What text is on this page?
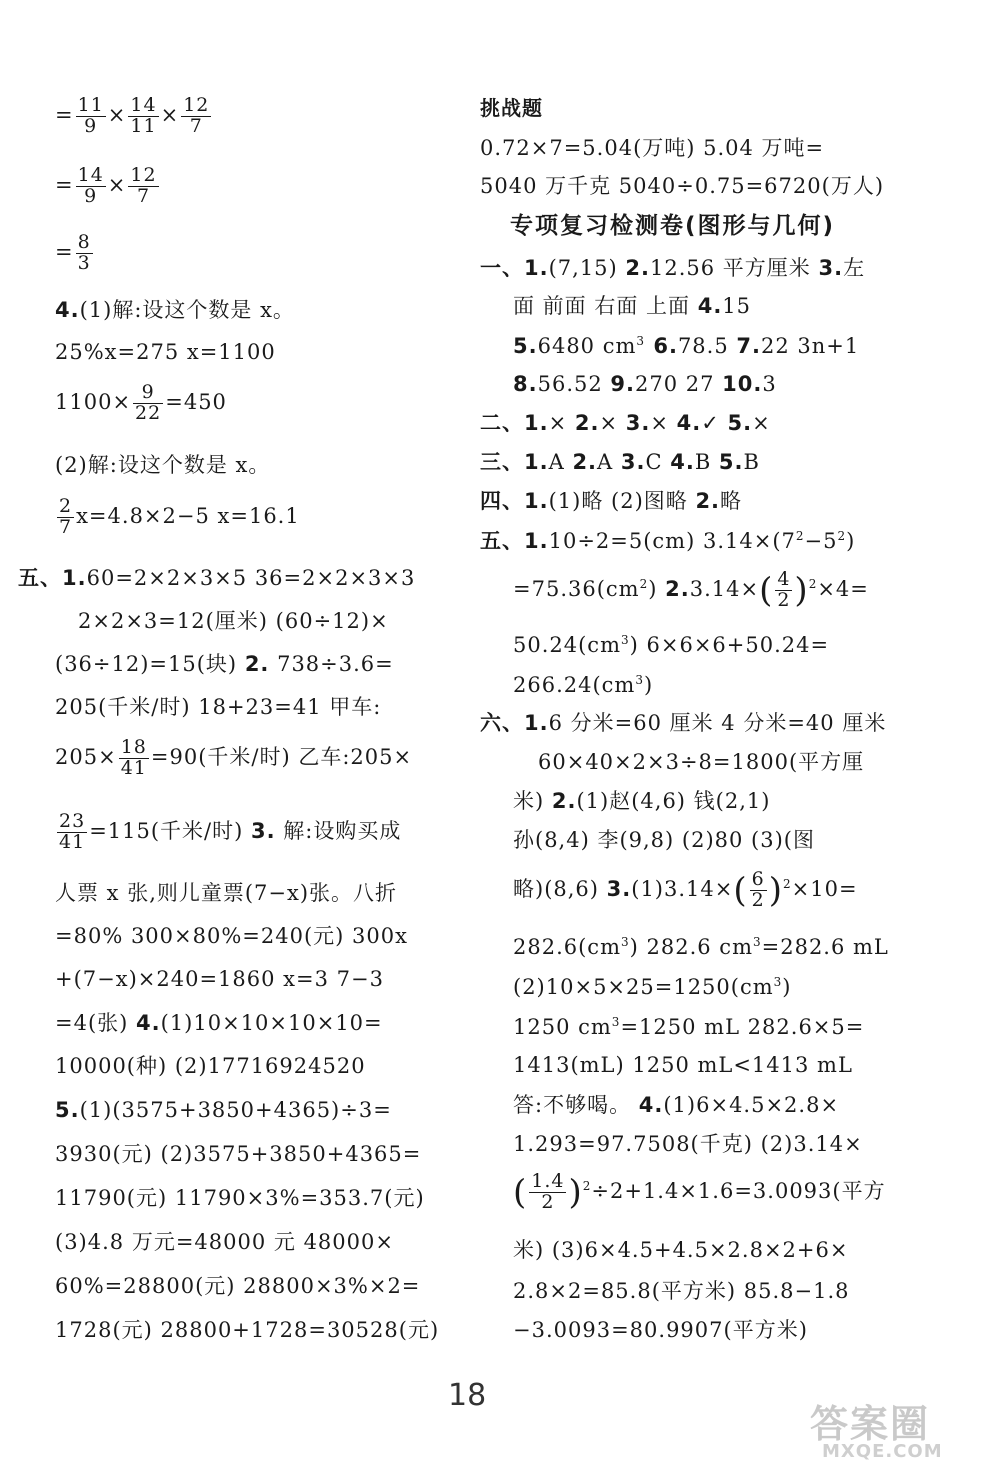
= $\frac{11}{9} \times \frac{14}{11} \times \frac{12}{7}$
= $\frac{14}{9} \times \frac{12}{7}$
= $\frac{8}{3}$
4.(1)解:设这个数是 x。
25%x=275 x=1100
$1100\times \frac{9}{22} =450$
(2)解:设这个数是 x。
$\frac{2}{7} x=4.8\times 2-5$ x=16.1
五、1.60=2×2×3×5 36=2×2×3×3
2×2×3=12(厘米) (60÷12)×
(36÷12)=15(块) 2. 738÷3.6=
205(千米/时) 18+23=41 甲车:
$205\times \frac{18}{41} =90$(千米/时) 乙车:205×
$\frac{23}{41} =115$(千米/时) 3. 解:设购买成
人票 x 张,则儿童票(7−x)张。八折
=80% 300×80%=240(元) 300x
+(7−x)×240=1860 x=3 7−3
=4(张) 4.(1)10×10×10×10=
10000(种) (2)17716924520
5.(1)(3575+3850+4365)÷3=
3930(元) (2)3575+3850+4365=
11790(元) 11790×3%=353.7(元)
(3)4.8 万元=48000 元 48000×
60%=28800(元) 28800×3%×2=
1728(元) 28800+1728=30528(元)
挑战题
0.72×7=5.04(万吨) 5.04 万吨=
5040 万千克 5040÷0.75=6720(万人)
专项复习检测卷(图形与几何)
一、1.(7,15) 2.12.56 平方厘米 3.左
面 前面 右面 上面 4.15
5.6480 $cm^3$ 6.78.5 7.22 3n+1
8.56.52 9.270 27 10.3
二、1.× 2.× 3.× 4.✓ 5.×
三、1.A 2.A 3.C 4.B 5.B
四、1.(1)略 (2)图略 2.略
五、1.10÷2=5(cm) $3.14\times(7^2-5^2)$
$=75.36(cm^2)$ $2.3.14\times( \frac{4}{2} )^2\times 4=$
$50.24(cm^3)$ 6×6×6+50.24=
$266.24(cm^3)$
六、1.6 分米=60 厘米 4 分米=40 厘米
60×40×2×3÷8=1800(平方厘
米) 2.(1)赵(4,6) 钱(2,1)
孙(8,4) 李(9,8) (2)80 (3)(图
略)(8,6) $3.(1)3.14\times( \frac{6}{2} )^2\times 10=$
$282.6(cm^3)$ 282.6 $cm^3=282.6$ mL
$(2)10\times 5\times 25=1250(cm^3)$
1250 $cm^3=1250$ mL 282.6×5=
1413(mL) 1250 mL<1413 mL
答:不够喝。 4.(1)6×4.5×2.8×
1.293=97.7508(千克) (2)3.14×
( $\frac{1.4}{2} )^2\div 2+1.4\times 1.6=3.0093$(平方
米) (3)6×4.5+4.5×2.8×2+6×
2.8×2=85.8(平方米) 85.8−1.8
−3.0093=80.9907(平方米)
18
答案圈
MXQE.COM
